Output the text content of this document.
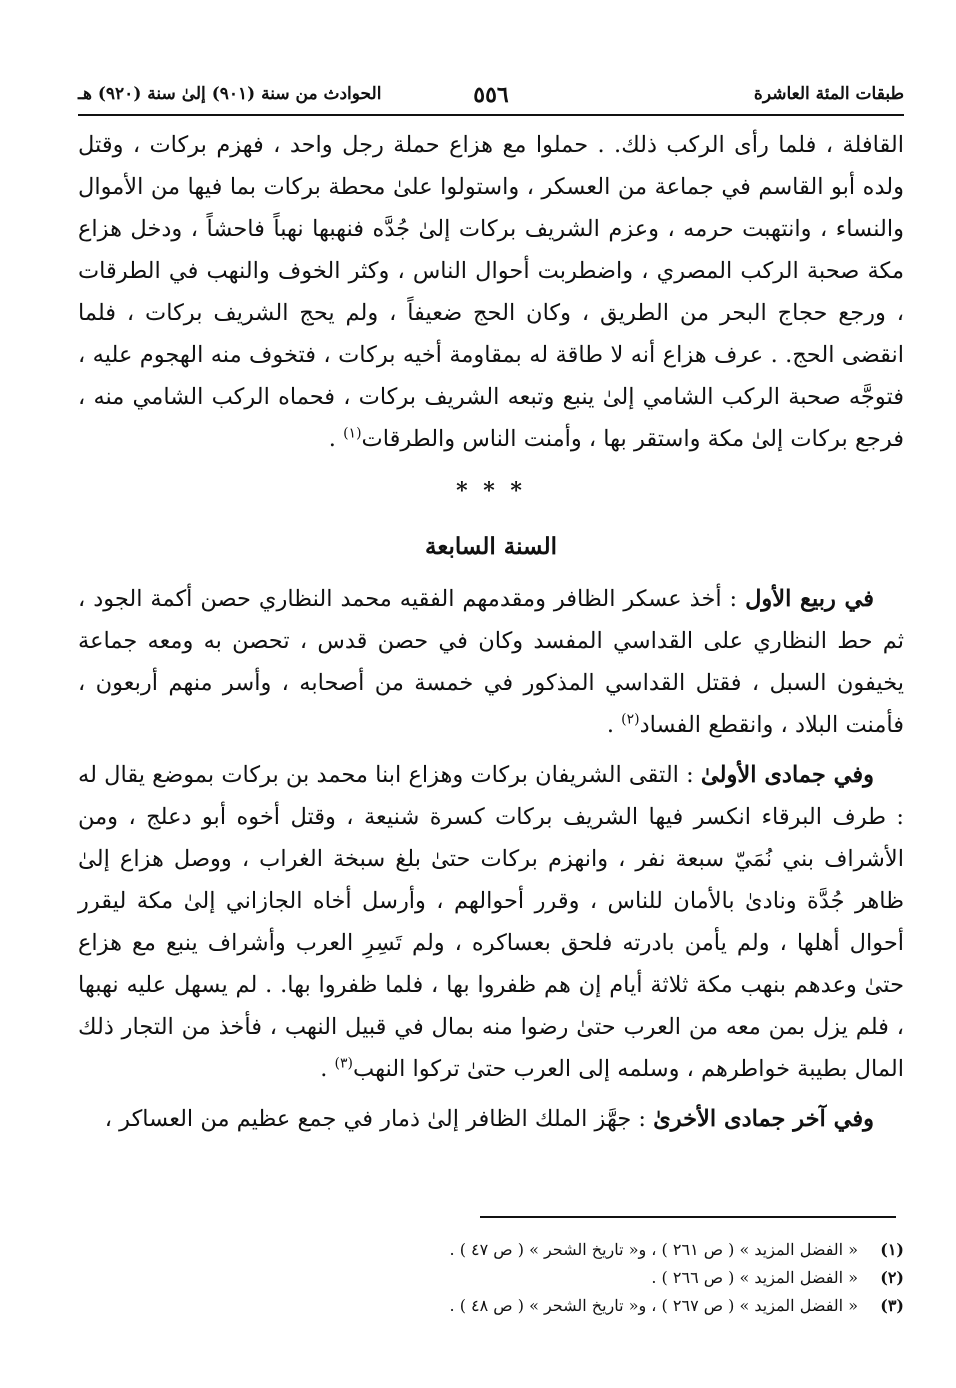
طبقات المئة العاشرة
٥٥٦
الحوادث من سنة (٩٠١) إلىٰ سنة (٩٢٠) هـ

القافلة ، فلما رأى الركب ذلك. . حملوا مع هزاع حملة رجل واحد ، فهزم بركات ، وقتل ولده أبو القاسم في جماعة من العسكر ، واستولوا علىٰ محطة بركات بما فيها من الأموال والنساء ، وانتهبت حرمه ، وعزم الشريف بركات إلىٰ جُدَّه فنهبها نهباً فاحشاً ، ودخل هزاع مكة صحبة الركب المصري ، واضطربت أحوال الناس ، وكثر الخوف والنهب في الطرقات ، ورجع حجاج البحر من الطريق ، وكان الحج ضعيفاً ، ولم يحج الشريف بركات ، فلما انقضى الحج. . عرف هزاع أنه لا طاقة له بمقاومة أخيه بركات ، فتخوف منه الهجوم عليه ، فتوجَّه صحبة الركب الشامي إلىٰ ينبع وتبعه الشريف بركات ، فحماه الركب الشامي منه ، فرجع بركات إلىٰ مكة واستقر بها ، وأمنت الناس والطرقات$^{(١)}$ .

* * *
السنة السابعة

في ربيع الأول : أخذ عسكر الظافر ومقدمهم الفقيه محمد النظاري حصن أكمة الجود ، ثم حط النظاري على القداسي المفسد وكان في حصن قدس ، تحصن به ومعه جماعة يخيفون السبل ، فقتل القداسي المذكور في خمسة من أصحابه ، وأسر منهم أربعون ، فأمنت البلاد ، وانقطع الفساد$^{(٢)}$ .

وفي جمادى الأولىٰ : التقى الشريفان بركات وهزاع ابنا محمد بن بركات بموضع يقال له : طرف البرقاء انكسر فيها الشريف بركات كسرة شنيعة ، وقتل أخوه أبو دعلج ، ومن الأشراف بني نُمَيّ سبعة نفر ، وانهزم بركات حتىٰ بلغ سبخة الغراب ، ووصل هزاع إلىٰ ظاهر جُدَّة ونادىٰ بالأمان للناس ، وقرر أحوالهم ، وأرسل أخاه الجازاني إلىٰ مكة ليقرر أحوال أهلها ، ولم يأمن بادرته فلحق بعساكره ، ولم تَسِرِ العرب وأشراف ينبع مع هزاع حتىٰ وعدهم بنهب مكة ثلاثة أيام إن هم ظفروا بها ، فلما ظفروا بها. . لم يسهل عليه نهبها ، فلم يزل بمن معه من العرب حتىٰ رضوا منه بمال في قبيل النهب ، فأخذ من التجار ذلك المال بطيبة خواطرهم ، وسلمه إلى العرب حتىٰ تركوا النهب$^{(٣)}$ .

وفي آخر جمادى الأخرىٰ : جهَّز الملك الظافر إلىٰ ذمار في جمع عظيم من العساكر ،

(١)
« الفضل المزيد » ( ص ٢٦١ ) ، و« تاريخ الشحر » ( ص ٤٧ ) .
(٢)
« الفضل المزيد » ( ص ٢٦٦ ) .
(٣)
« الفضل المزيد » ( ص ٢٦٧ ) ، و« تاريخ الشحر » ( ص ٤٨ ) .
